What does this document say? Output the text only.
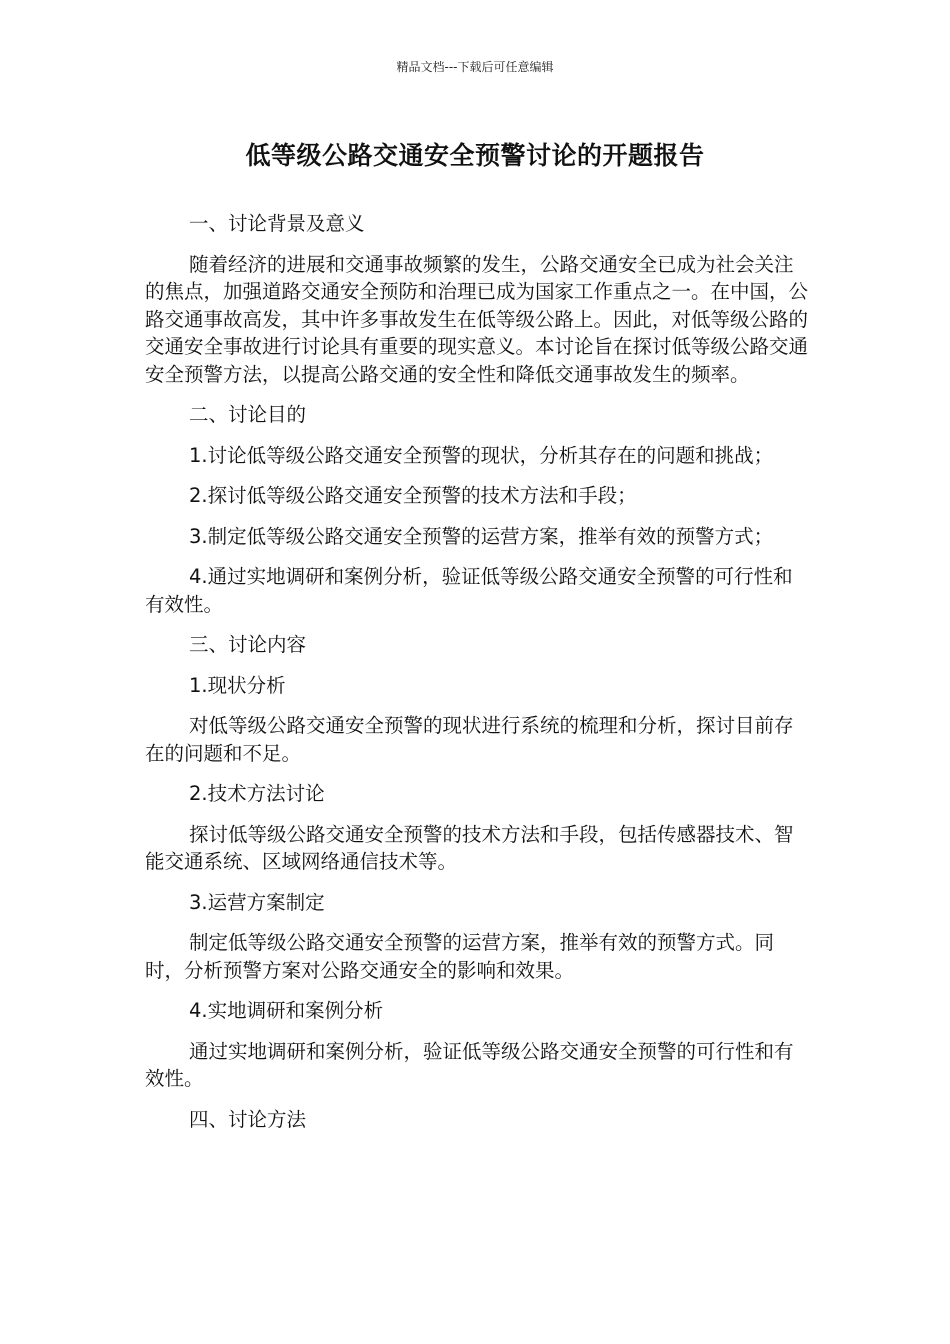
精品文档---下载后可任意编辑
低等级公路交通安全预警讨论的开题报告

一、讨论背景及意义

随着经济的进展和交通事故频繁的发生，公路交通安全已成为社会关注的焦点，加强道路交通安全预防和治理已成为国家工作重点之一。在中国，公路交通事故高发，其中许多事故发生在低等级公路上。因此，对低等级公路的交通安全事故进行讨论具有重要的现实意义。本讨论旨在探讨低等级公路交通安全预警方法，以提高公路交通的安全性和降低交通事故发生的频率。

二、讨论目的

1.讨论低等级公路交通安全预警的现状，分析其存在的问题和挑战；

2.探讨低等级公路交通安全预警的技术方法和手段；

3.制定低等级公路交通安全预警的运营方案，推举有效的预警方式；

4.通过实地调研和案例分析，验证低等级公路交通安全预警的可行性和有效性。

三、讨论内容

1.现状分析

对低等级公路交通安全预警的现状进行系统的梳理和分析，探讨目前存在的问题和不足。

2.技术方法讨论

探讨低等级公路交通安全预警的技术方法和手段，包括传感器技术、智能交通系统、区域网络通信技术等。

3.运营方案制定

制定低等级公路交通安全预警的运营方案，推举有效的预警方式。同时，分析预警方案对公路交通安全的影响和效果。

4.实地调研和案例分析

通过实地调研和案例分析，验证低等级公路交通安全预警的可行性和有效性。

四、讨论方法
